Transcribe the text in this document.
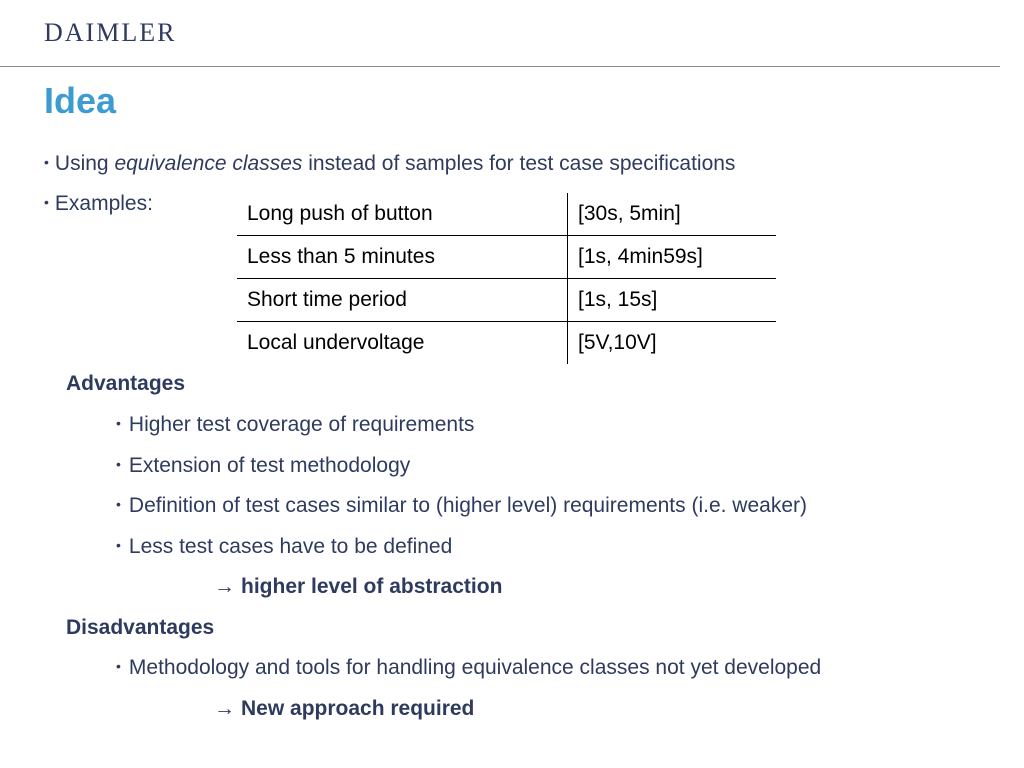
DAIMLER
Idea
• Using equivalence classes instead of samples for test case specifications
• Examples:	Long push of button	[30s, 5min]
Less than 5 minutes	[1s, 4min59s]
Short time period	[1s, 15s]
Local undervoltage	[5V,10V]
Advantages
• Higher test coverage of requirements
• Extension of test methodology
• Definition of test cases similar to (higher level) requirements (i.e. weaker)
• Less test cases have to be defined
→ higher level of abstraction
Disadvantages
• Methodology and tools for handling equivalence classes not yet developed
→ New approach required
